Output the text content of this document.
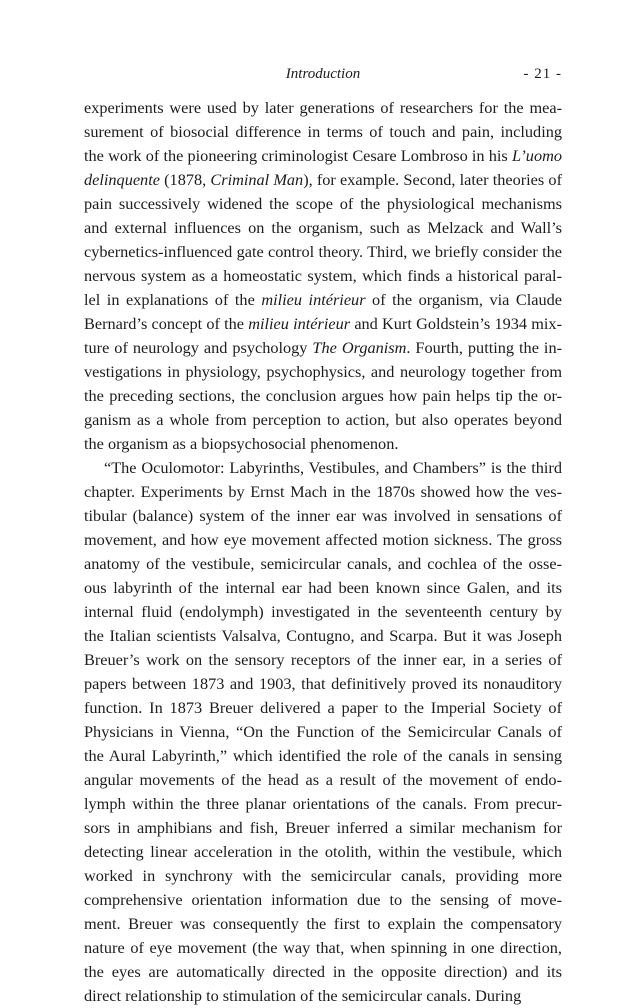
Introduction	- 21 -
experiments were used by later generations of researchers for the mea-
surement of biosocial difference in terms of touch and pain, including
the work of the pioneering criminologist Cesare Lombroso in his L’uomo
delinquente (1878, Criminal Man), for example. Second, later theories of
pain successively widened the scope of the physiological mechanisms
and external influences on the organism, such as Melzack and Wall’s
cybernetics-influenced gate control theory. Third, we briefly consider the
nervous system as a homeostatic system, which finds a historical paral-
lel in explanations of the milieu intérieur of the organism, via Claude
Bernard’s concept of the milieu intérieur and Kurt Goldstein’s 1934 mix-
ture of neurology and psychology The Organism. Fourth, putting the in-
vestigations in physiology, psychophysics, and neurology together from
the preceding sections, the conclusion argues how pain helps tip the or-
ganism as a whole from perception to action, but also operates beyond
the organism as a biopsychosocial phenomenon.
“The Oculomotor: Labyrinths, Vestibules, and Chambers” is the third
chapter. Experiments by Ernst Mach in the 1870s showed how the ves-
tibular (balance) system of the inner ear was involved in sensations of
movement, and how eye movement affected motion sickness. The gross
anatomy of the vestibule, semicircular canals, and cochlea of the osse-
ous labyrinth of the internal ear had been known since Galen, and its
internal fluid (endolymph) investigated in the seventeenth century by
the Italian scientists Valsalva, Contugno, and Scarpa. But it was Joseph
Breuer’s work on the sensory receptors of the inner ear, in a series of
papers between 1873 and 1903, that definitively proved its nonauditory
function. In 1873 Breuer delivered a paper to the Imperial Society of
Physicians in Vienna, “On the Function of the Semicircular Canals of
the Aural Labyrinth,” which identified the role of the canals in sensing
angular movements of the head as a result of the movement of endo-
lymph within the three planar orientations of the canals. From precur-
sors in amphibians and fish, Breuer inferred a similar mechanism for
detecting linear acceleration in the otolith, within the vestibule, which
worked in synchrony with the semicircular canals, providing more
comprehensive orientation information due to the sensing of move-
ment. Breuer was consequently the first to explain the compensatory
nature of eye movement (the way that, when spinning in one direction,
the eyes are automatically directed in the opposite direction) and its
direct relationship to stimulation of the semicircular canals. During
